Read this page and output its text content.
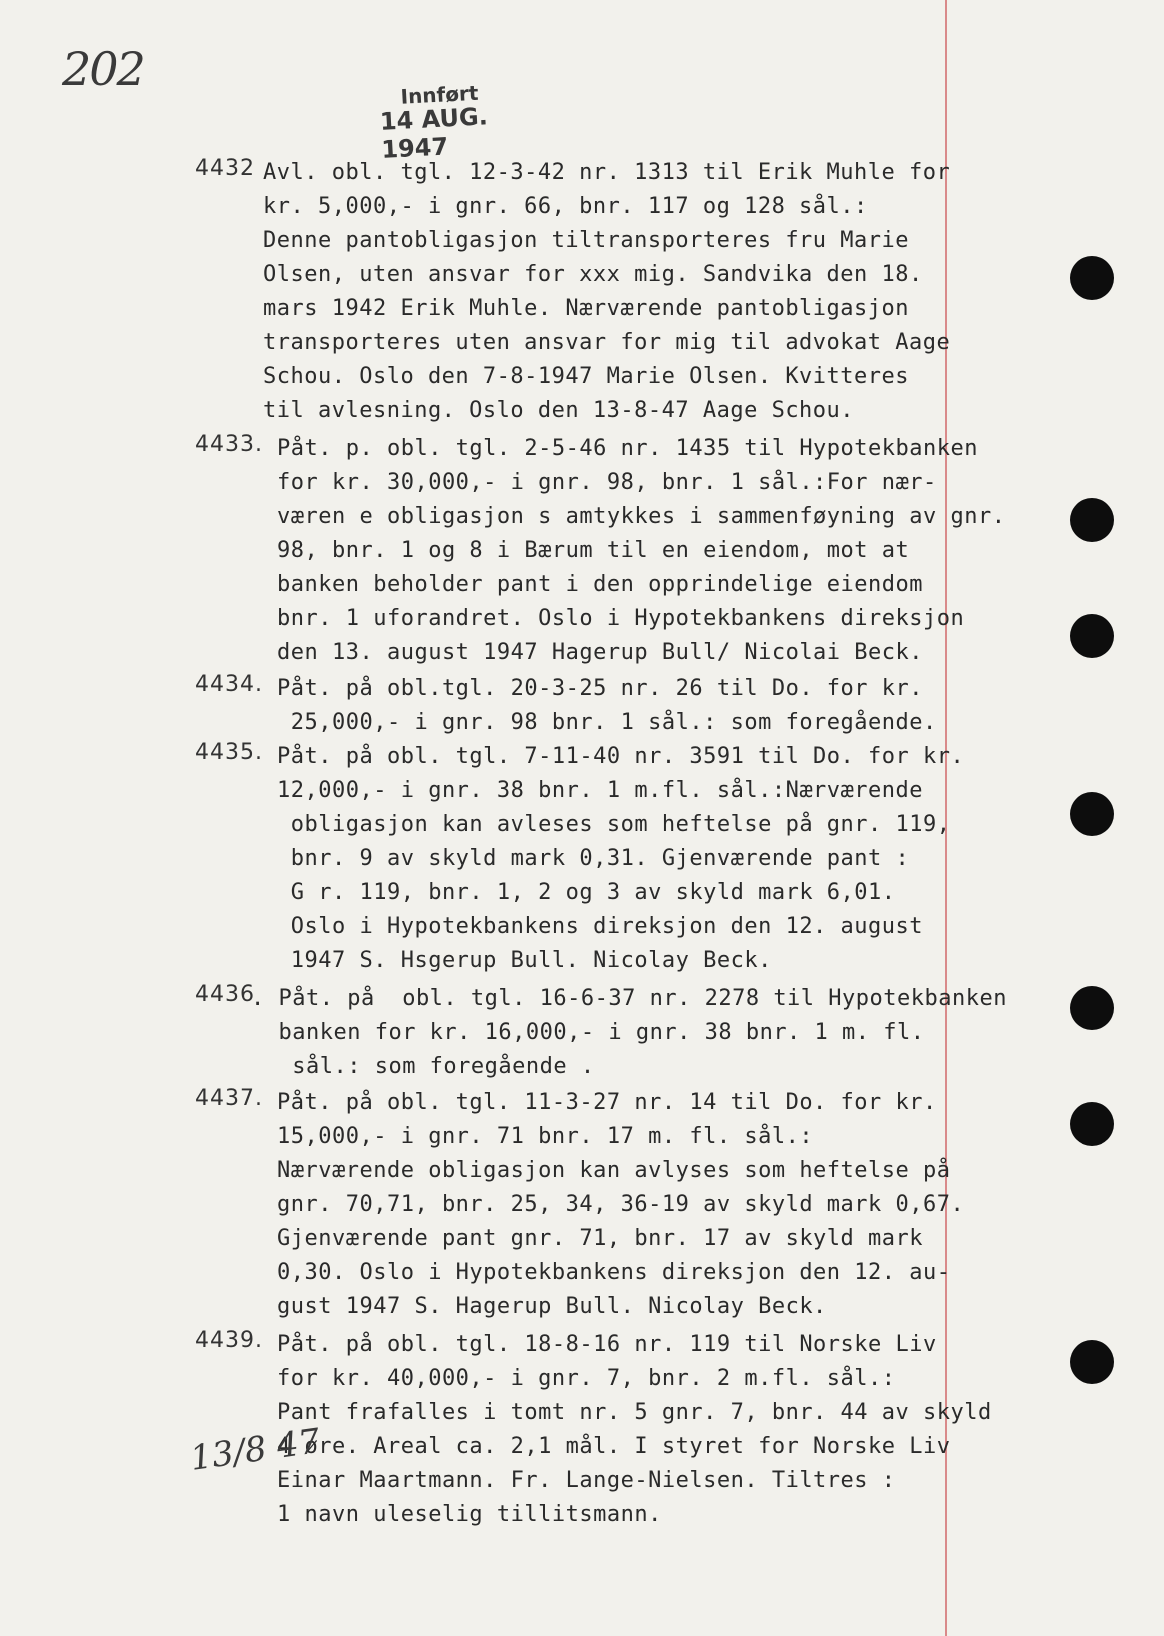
202	Innført
14 AUG. 1947
4432 Avl. obl. tgl. 12-3-42 nr. 1313 til Erik Muhle for
kr. 5,000,- i gnr. 66, bnr. 117 og 128 sål.:
Denne pantobligasjon tiltransporteres fru Marie
Olsen, uten ansvar for xxx mig. Sandvika den 18.
mars 1942 Erik Muhle. Nærværende pantobligasjon
transporteres uten ansvar for mig til advokat Aage
Schou. Oslo den 7-8-1947 Marie Olsen. Kvitteres
til avlesning. Oslo den 13-8-47 Aage Schou.
4433. Påt. p. obl. tgl. 2-5-46 nr. 1435 til Hypotekbanken
for kr. 30,000,- i gnr. 98, bnr. 1 sål.:For nær-
væren e obligasjon s amtykkes i sammenføyning av gnr.
98, bnr. 1 og 8 i Bærum til en eiendom, mot at
banken beholder pant i den opprindelige eiendom
bnr. 1 uforandret. Oslo i Hypotekbankens direksjon
den 13. august 1947 Hagerup Bull/ Nicolai Beck.
4434. Påt. på obl.tgl. 20-3-25 nr. 26 til Do. for kr.
25,000,- i gnr. 98 bnr. 1 sål.: som foregående.
4435. Påt. på obl. tgl. 7-11-40 nr. 3591 til Do. for kr.
12,000,- i gnr. 38 bnr. 1 m.fl. sål.:Nærværende
obligasjon kan avleses som heftelse på gnr. 119,
bnr. 9 av skyld mark 0,31. Gjenværende pant :
G r. 119, bnr. 1, 2 og 3 av skyld mark 6,01.
Oslo i Hypotekbankens direksjon den 12. august
1947 S. Hsgerup Bull. Nicolay Beck.
4436
. Påt. på  obl. tgl. 16-6-37 nr. 2278 til Hypotekbanken
banken for kr. 16,000,- i gnr. 38 bnr. 1 m. fl.
sål.: som foregående .
4437. Påt. på obl. tgl. 11-3-27 nr. 14 til Do. for kr.
15,000,- i gnr. 71 bnr. 17 m. fl. sål.:
Nærværende obligasjon kan avlyses som heftelse på
gnr. 70,71, bnr. 25, 34, 36-19 av skyld mark 0,67.
Gjenværende pant gnr. 71, bnr. 17 av skyld mark
0,30. Oslo i Hypotekbankens direksjon den 12. au-
gust 1947 S. Hagerup Bull. Nicolay Beck.
4439. Påt. på obl. tgl. 18-8-16 nr. 119 til Norske Liv
for kr. 40,000,- i gnr. 7, bnr. 2 m.fl. sål.:
Pant frafalles i tomt nr. 5 gnr. 7, bnr. 44 av skyld
4 øre. Areal ca. 2,1 mål. I styret for Norske Liv
Einar Maartmann. Fr. Lange-Nielsen. Tiltres :
1 navn uleselig tillitsmann.
13/8 47
